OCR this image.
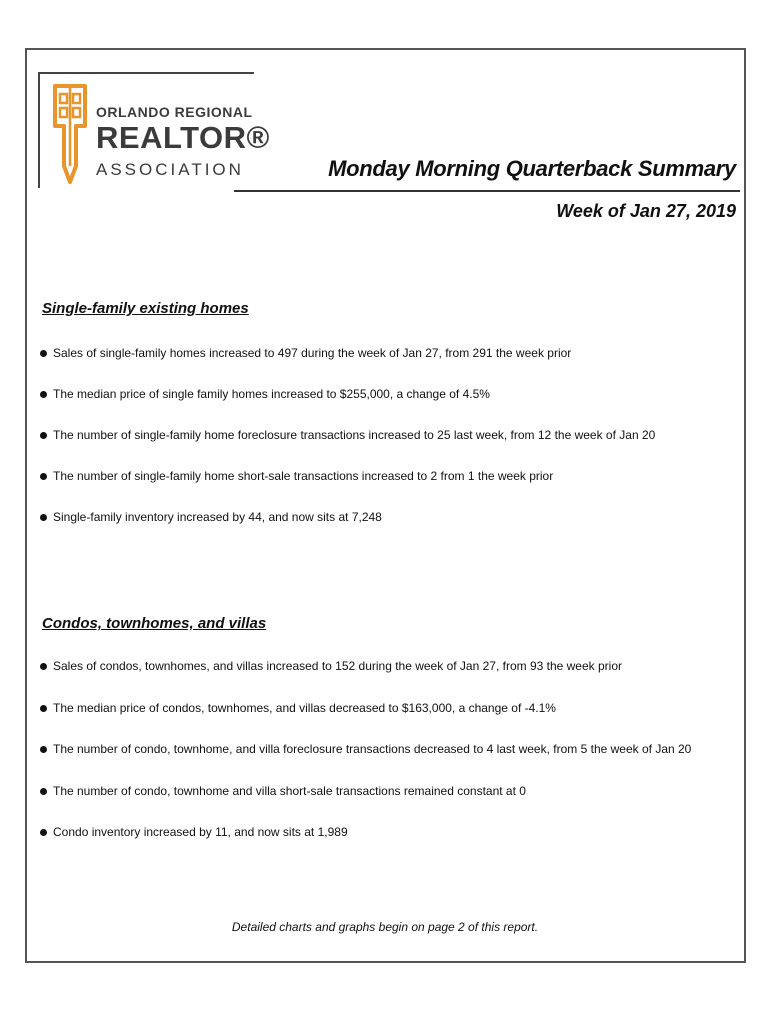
ORLANDO REGIONAL
REALTOR®
ASSOCIATION	Monday Morning Quarterback Summary
Week of Jan 27, 2019
Single-family existing homes
Sales of single-family homes increased to 497 during the week of Jan 27, from 291 the week prior
The median price of single family homes increased to $255,000, a change of 4.5%
The number of single-family home foreclosure transactions increased to 25 last week, from 12 the week of Jan 20
The number of single-family home short-sale transactions increased to 2 from 1 the week prior
Single-family inventory increased by 44, and now sits at 7,248
Condos, townhomes, and villas
Sales of condos, townhomes, and villas increased to 152 during the week of Jan 27, from 93 the week prior
The median price of condos, townhomes, and villas decreased to $163,000, a change of -4.1%
The number of condo, townhome, and villa foreclosure transactions decreased to 4 last week, from 5 the week of Jan 20
The number of condo, townhome and villa short-sale transactions remained constant at 0
Condo inventory increased by 11, and now sits at 1,989
Detailed charts and graphs begin on page 2 of this report.
